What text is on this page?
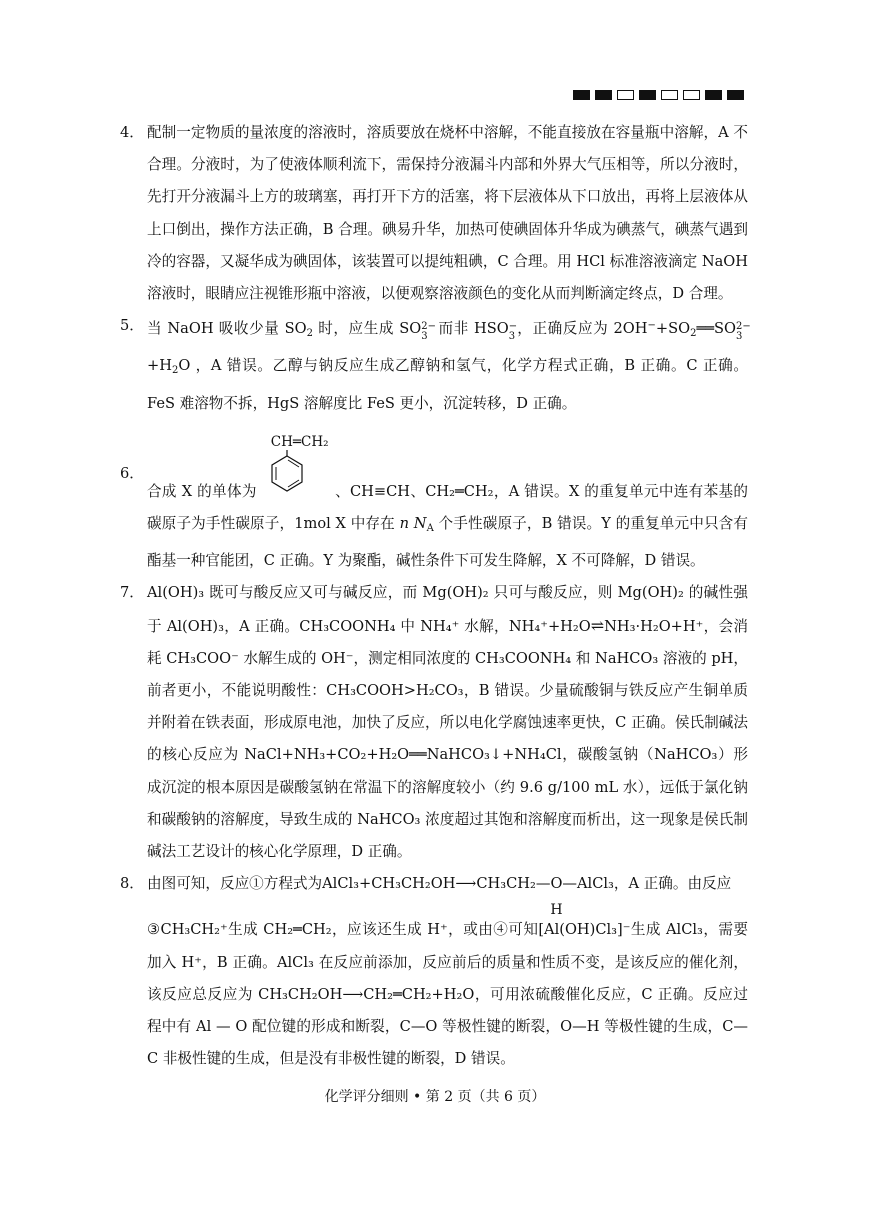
4． 配制一定物质的量浓度的溶液时，溶质要放在烧杯中溶解，不能直接放在容量瓶中溶解，A 不合理。分液时，为了使液体顺利流下，需保持分液漏斗内部和外界大气压相等，所以分液时，先打开分液漏斗上方的玻璃塞，再打开下方的活塞，将下层液体从下口放出，再将上层液体从上口倒出，操作方法正确，B 合理。碘易升华，加热可使碘固体升华成为碘蒸气，碘蒸气遇到冷的容器，又凝华成为碘固体，该装置可以提纯粗碘，C 合理。用 HCl 标准溶液滴定 NaOH 溶液时，眼睛应注视锥形瓶中溶液，以便观察溶液颜色的变化从而判断滴定终点，D 合理。

5． 当 NaOH 吸收少量 $SO_2$ 时，应生成 SO 2−
3 而非 HSO −
3 ，正确反应为 $2OH^-+SO_2══SO$ 2−
3
$+H_2O$ ，A 错误。乙醇与钠反应生成乙醇钠和氢气，化学方程式正确，B 正确。C 正确。FeS 难溶物不拆，HgS 溶解度比 FeS 更小，沉淀转移，D 正确。

6．

合成 X 的单体为
CH═CH₂
、CH≡CH、CH₂═CH₂，A 错误。X 的重复单元中连有苯基的碳原子为手性碳原子，1mol X 中存在 n $N_A$ 个手性碳原子，B 错误。Y 的重复单元中只含有酯基一种官能团，C 正确。Y 为聚酯，碱性条件下可发生降解，X 不可降解，D 错误。

7． Al(OH)₃ 既可与酸反应又可与碱反应，而 Mg(OH)₂ 只可与酸反应，则 Mg(OH)₂ 的碱性强于 Al(OH)₃，A 正确。CH₃COONH₄ 中 NH₄⁺ 水解，NH₄⁺+H₂O⇌NH₃·H₂O+H⁺，会消耗 CH₃COO⁻ 水解生成的 OH⁻，测定相同浓度的 CH₃COONH₄ 和 NaHCO₃ 溶液的 pH，前者更小，不能说明酸性：CH₃COOH>H₂CO₃，B 错误。少量硫酸铜与铁反应产生铜单质并附着在铁表面，形成原电池，加快了反应，所以电化学腐蚀速率更快，C 正确。侯氏制碱法的核心反应为 NaCl+NH₃+CO₂+H₂O══NaHCO₃↓+NH₄Cl，碳酸氢钠（NaHCO₃）形成沉淀的根本原因是碳酸氢钠在常温下的溶解度较小（约 9.6 g/100 mL 水），远低于氯化钠和碳酸钠的溶解度，导致生成的 NaHCO₃ 浓度超过其饱和溶解度而析出，这一现象是侯氏制碱法工艺设计的核心化学原理，D 正确。

8． 由图可知，反应①方程式为AlCl₃+CH₃CH₂OH⟶CH₃CH₂—O
H
—AlCl₃，A 正确。由反应

③CH₃CH₂⁺生成 CH₂═CH₂，应该还生成 H⁺，或由④可知[Al(OH)Cl₃]⁻生成 AlCl₃，需要加入 H⁺，B 正确。AlCl₃ 在反应前添加，反应前后的质量和性质不变，是该反应的催化剂，该反应总反应为 CH₃CH₂OH⟶CH₂═CH₂+H₂O，可用浓硫酸催化反应，C 正确。反应过程中有 Al — O 配位键的形成和断裂，C—O 等极性键的断裂，O—H 等极性键的生成，C—C 非极性键的生成，但是没有非极性键的断裂，D 错误。

化学评分细则 • 第 2 页（共 6 页）
